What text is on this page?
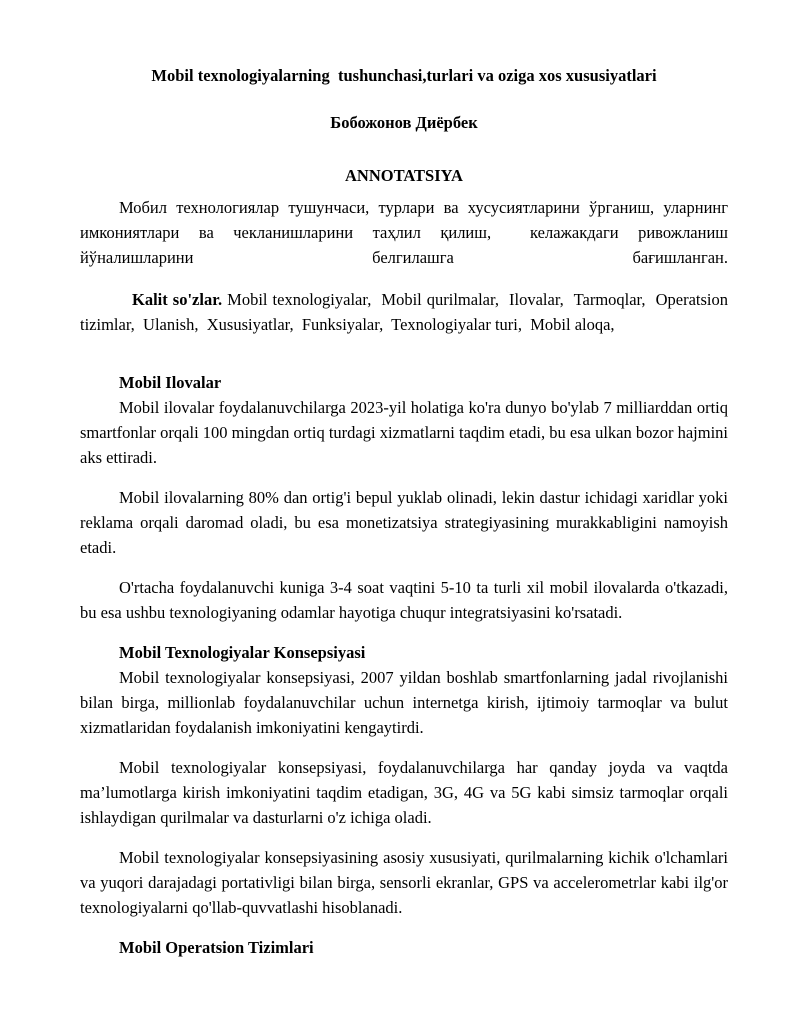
Mobil texnologiyalarning  tushunchasi,turlari va oziga xos xususiyatlari

Бобожонов Диёрбек

ANNOTATSIYA

Мобил технологиялар тушунчаси, турлари ва хусусиятларини ўрганиш, уларнинг имкониятлари ва чекланишларини таҳлил қилиш,  келажакдаги ривожланиш йўналишларини белгилашга бағишланган.

Kalit so'zlar. Mobil texnologiyalar,  Mobil qurilmalar,  Ilovalar,  Tarmoqlar,  Operatsion tizimlar,  Ulanish,  Xususiyatlar,  Funksiyalar,  Texnologiyalar turi,  Mobil aloqa,

Mobil Ilovalar

Mobil ilovalar foydalanuvchilarga 2023-yil holatiga ko'ra dunyo bo'ylab 7 milliarddan ortiq smartfonlar orqali 100 mingdan ortiq turdagi xizmatlarni taqdim etadi, bu esa ulkan bozor hajmini aks ettiradi.

Mobil ilovalarning 80% dan ortig'i bepul yuklab olinadi, lekin dastur ichidagi xaridlar yoki reklama orqali daromad oladi, bu esa monetizatsiya strategiyasining murakkabligini namoyish etadi.

O'rtacha foydalanuvchi kuniga 3-4 soat vaqtini 5-10 ta turli xil mobil ilovalarda o'tkazadi, bu esa ushbu texnologiyaning odamlar hayotiga chuqur integratsiyasini ko'rsatadi.

Mobil Texnologiyalar Konsepsiyasi

Mobil texnologiyalar konsepsiyasi, 2007 yildan boshlab smartfonlarning jadal rivojlanishi bilan birga, millionlab foydalanuvchilar uchun internetga kirish, ijtimoiy tarmoqlar va bulut xizmatlaridan foydalanish imkoniyatini kengaytirdi.

Mobil texnologiyalar konsepsiyasi, foydalanuvchilarga har qanday joyda va vaqtda ma’lumotlarga kirish imkoniyatini taqdim etadigan, 3G, 4G va 5G kabi simsiz tarmoqlar orqali ishlaydigan qurilmalar va dasturlarni o'z ichiga oladi.

Mobil texnologiyalar konsepsiyasining asosiy xususiyati, qurilmalarning kichik o'lchamlari va yuqori darajadagi portativligi bilan birga, sensorli ekranlar, GPS va accelerometrlar kabi ilg'or texnologiyalarni qo'llab-quvvatlashi hisoblanadi.

Mobil Operatsion Tizimlari
